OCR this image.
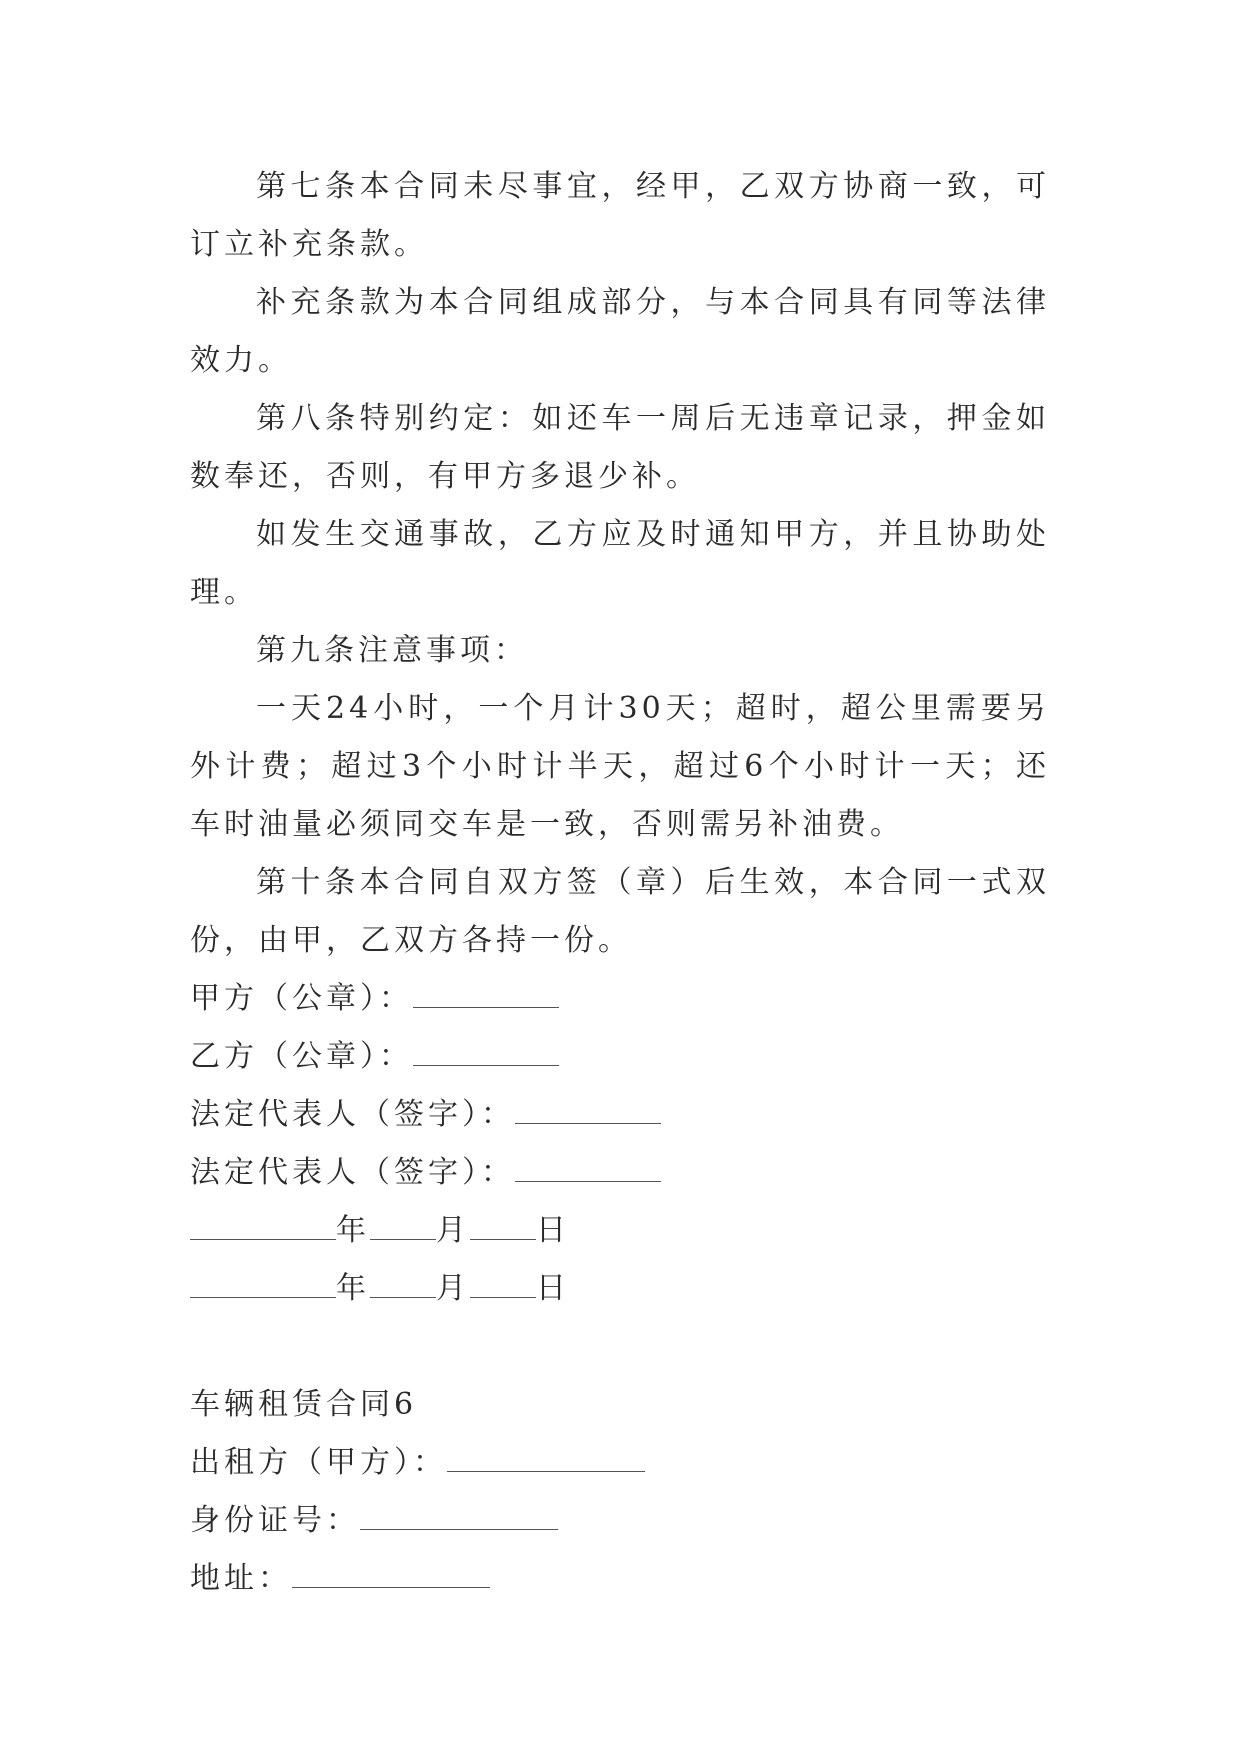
第七条本合同未尽事宜，经甲，乙双方协商一致，可订立补充条款。

补充条款为本合同组成部分，与本合同具有同等法律效力。

第八条特别约定：如还车一周后无违章记录，押金如数奉还，否则，有甲方多退少补。

如发生交通事故，乙方应及时通知甲方，并且协助处理。

第九条注意事项：

一天24小时，一个月计30天；超时，超公里需要另外计费；超过3个小时计半天，超过6个小时计一天；还车时油量必须同交车是一致，否则需另补油费。

第十条本合同自双方签（章）后生效，本合同一式双份，由甲，乙双方各持一份。

甲方（公章）：

乙方（公章）：

法定代表人（签字）：

法定代表人（签字）：

年 月 日

年 月 日

车辆租赁合同6

出租方（甲方）：

身份证号：

地址：
